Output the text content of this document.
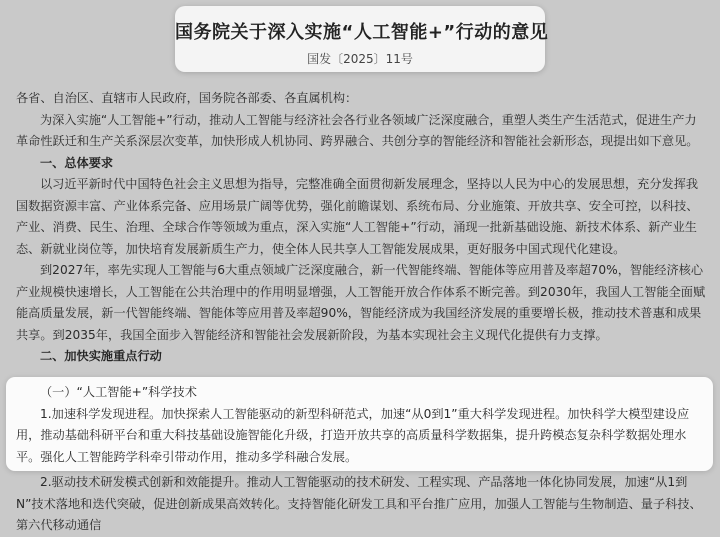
国务院关于深入实施“人工智能+”行动的意见
国发〔2025〕11号

各省、自治区、直辖市人民政府，国务院各部委、各直属机构：

为深入实施“人工智能+”行动，推动人工智能与经济社会各行业各领域广泛深度融合，重塑人类生产生活范式，促进生产力革命性跃迁和生产关系深层次变革，加快形成人机协同、跨界融合、共创分享的智能经济和智能社会新形态，现提出如下意见。

一、总体要求

以习近平新时代中国特色社会主义思想为指导，完整准确全面贯彻新发展理念，坚持以人民为中心的发展思想，充分发挥我国数据资源丰富、产业体系完备、应用场景广阔等优势，强化前瞻谋划、系统布局、分业施策、开放共享、安全可控，以科技、产业、消费、民生、治理、全球合作等领域为重点，深入实施“人工智能+”行动，涌现一批新基础设施、新技术体系、新产业生态、新就业岗位等，加快培育发展新质生产力，使全体人民共享人工智能发展成果，更好服务中国式现代化建设。

到2027年，率先实现人工智能与6大重点领域广泛深度融合，新一代智能终端、智能体等应用普及率超70%，智能经济核心产业规模快速增长，人工智能在公共治理中的作用明显增强，人工智能开放合作体系不断完善。到2030年，我国人工智能全面赋能高质量发展，新一代智能终端、智能体等应用普及率超90%，智能经济成为我国经济发展的重要增长极，推动技术普惠和成果共享。到2035年，我国全面步入智能经济和智能社会发展新阶段，为基本实现社会主义现代化提供有力支撑。

二、加快实施重点行动

（一）“人工智能+”科学技术

1.加速科学发现进程。加快探索人工智能驱动的新型科研范式，加速“从0到1”重大科学发现进程。加快科学大模型建设应用，推动基础科研平台和重大科技基础设施智能化升级，打造开放共享的高质量科学数据集，提升跨模态复杂科学数据处理水平。强化人工智能跨学科牵引带动作用，推动多学科融合发展。

2.驱动技术研发模式创新和效能提升。推动人工智能驱动的技术研发、工程实现、产品落地一体化协同发展，加速“从1到N”技术落地和迭代突破，促进创新成果高效转化。支持智能化研发工具和平台推广应用，加强人工智能与生物制造、量子科技、第六代移动通信
